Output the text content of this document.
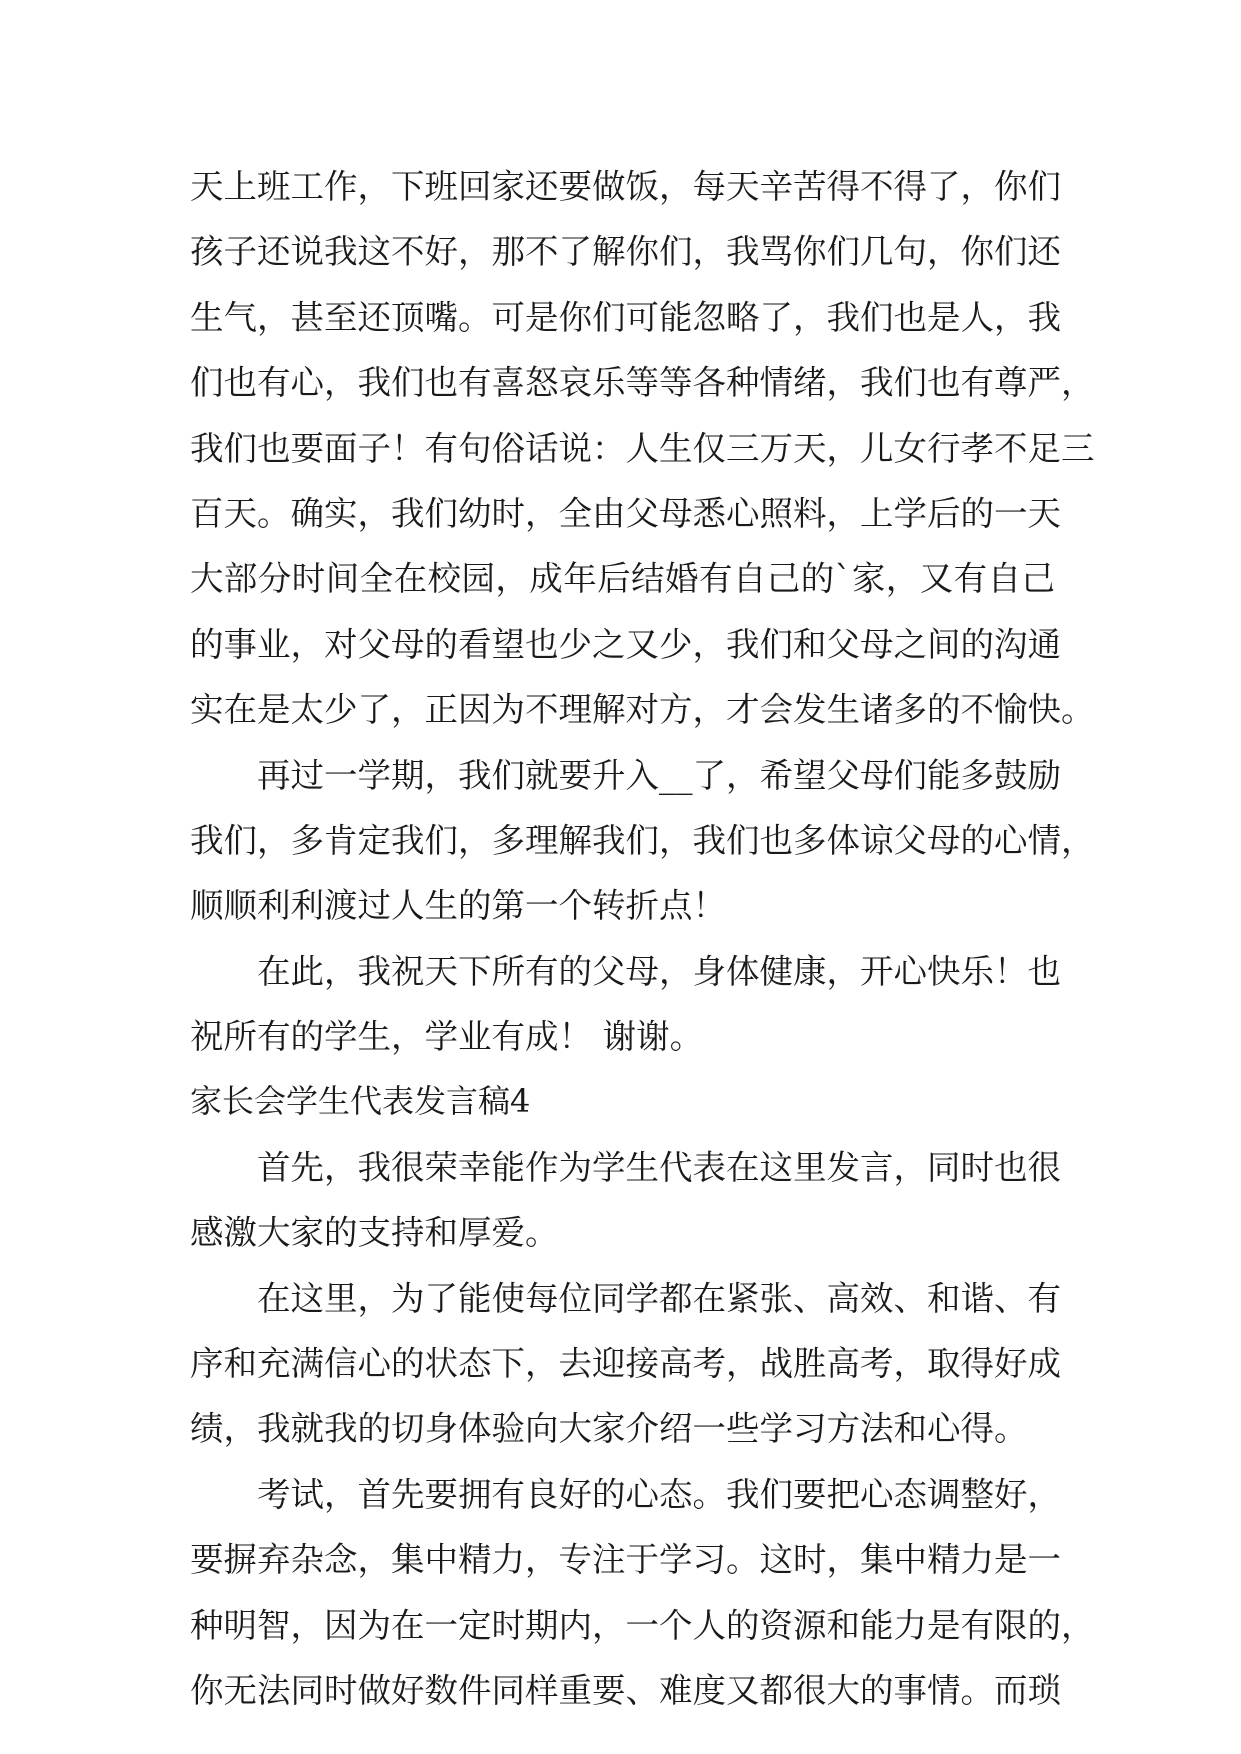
天上班工作，下班回家还要做饭，每天辛苦得不得了，你们
孩子还说我这不好，那不了解你们，我骂你们几句，你们还
生气，甚至还顶嘴。可是你们可能忽略了，我们也是人，我
们也有心，我们也有喜怒哀乐等等各种情绪，我们也有尊严，
我们也要面子！有句俗话说：人生仅三万天，儿女行孝不足三
百天。确实，我们幼时，全由父母悉心照料，上学后的一天
大部分时间全在校园，成年后结婚有自己的`家，又有自己
的事业，对父母的看望也少之又少，我们和父母之间的沟通
实在是太少了，正因为不理解对方，才会发生诸多的不愉快。
　　再过一学期，我们就要升入__了，希望父母们能多鼓励
我们，多肯定我们，多理解我们，我们也多体谅父母的心情，
顺顺利利渡过人生的第一个转折点！
　　在此，我祝天下所有的父母，身体健康，开心快乐！也
祝所有的学生，学业有成！ 谢谢。
家长会学生代表发言稿4
　　首先，我很荣幸能作为学生代表在这里发言，同时也很
感激大家的支持和厚爱。
　　在这里，为了能使每位同学都在紧张、高效、和谐、有
序和充满信心的状态下，去迎接高考，战胜高考，取得好成
绩，我就我的切身体验向大家介绍一些学习方法和心得。
　　考试，首先要拥有良好的心态。我们要把心态调整好，
要摒弃杂念，集中精力，专注于学习。这时，集中精力是一
种明智，因为在一定时期内，一个人的资源和能力是有限的，
你无法同时做好数件同样重要、难度又都很大的事情。而琐
